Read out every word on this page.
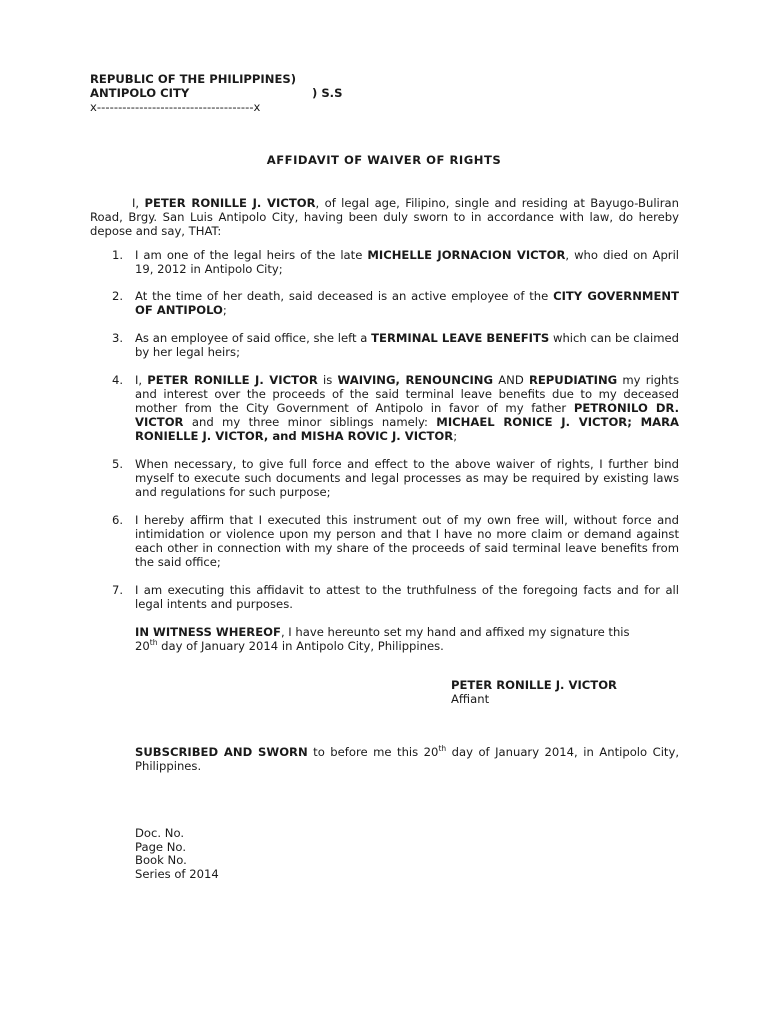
REPUBLIC OF THE PHILIPPINES)
ANTIPOLO CITY	) S.S
x-------------------------------------x
AFFIDAVIT OF WAIVER OF RIGHTS
I, PETER RONILLE J. VICTOR, of legal age, Filipino, single and residing at Bayugo-Buliran Road, Brgy. San Luis Antipolo City, having been duly sworn to in accordance with law, do hereby depose and say, THAT:
1. I am one of the legal heirs of the late MICHELLE JORNACION VICTOR, who died on April 19, 2012 in Antipolo City;
2. At the time of her death, said deceased is an active employee of the CITY GOVERNMENT OF ANTIPOLO;
3. As an employee of said office, she left a TERMINAL LEAVE BENEFITS which can be claimed by her legal heirs;
4. I, PETER RONILLE J. VICTOR is WAIVING, RENOUNCING AND REPUDIATING my rights and interest over the proceeds of the said terminal leave benefits due to my deceased mother from the City Government of Antipolo in favor of my father PETRONILO DR. VICTOR and my three minor siblings namely: MICHAEL RONICE J. VICTOR; MARA RONIELLE J. VICTOR, and MISHA ROVIC J. VICTOR;
5. When necessary, to give full force and effect to the above waiver of rights, I further bind myself to execute such documents and legal processes as may be required by existing laws and regulations for such purpose;
6. I hereby affirm that I executed this instrument out of my own free will, without force and intimidation or violence upon my person and that I have no more claim or demand against each other in connection with my share of the proceeds of said terminal leave benefits from the said office;
7. I am executing this affidavit to attest to the truthfulness of the foregoing facts and for all legal intents and purposes.
IN WITNESS WHEREOF, I have hereunto set my hand and affixed my signature this
20th day of January 2014 in Antipolo City, Philippines.
PETER RONILLE J. VICTOR
Affiant
SUBSCRIBED AND SWORN to before me this 20th day of January 2014, in Antipolo City, Philippines.
Doc. No.
Page No.
Book No.
Series of 2014
